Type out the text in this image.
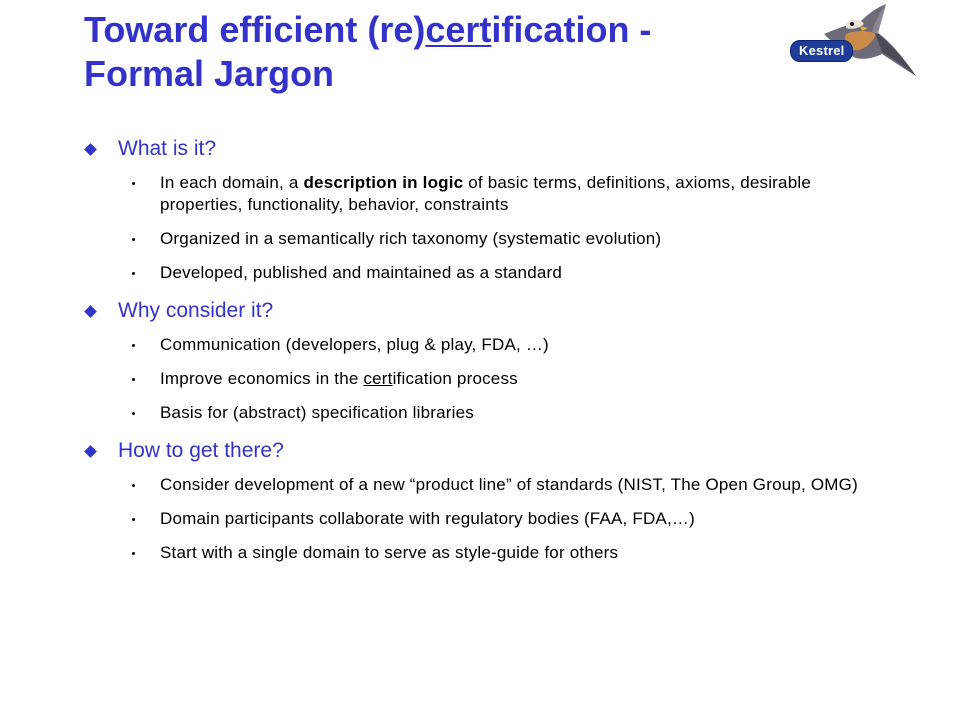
Toward efficient (re)certification -
Formal Jargon
Kestrel
What is it?
In each domain, a description in logic of basic terms, definitions, axioms, desirable properties, functionality, behavior, constraints
Organized in a semantically rich taxonomy (systematic evolution)
Developed, published and maintained as a standard
Why consider it?
Communication (developers, plug & play, FDA, …)
Improve economics in the certification process
Basis for (abstract) specification libraries
How to get there?
Consider development of a new “product line” of standards (NIST, The Open Group, OMG)
Domain participants collaborate with regulatory bodies (FAA, FDA,…)
Start with a single domain to serve as style-guide for others
